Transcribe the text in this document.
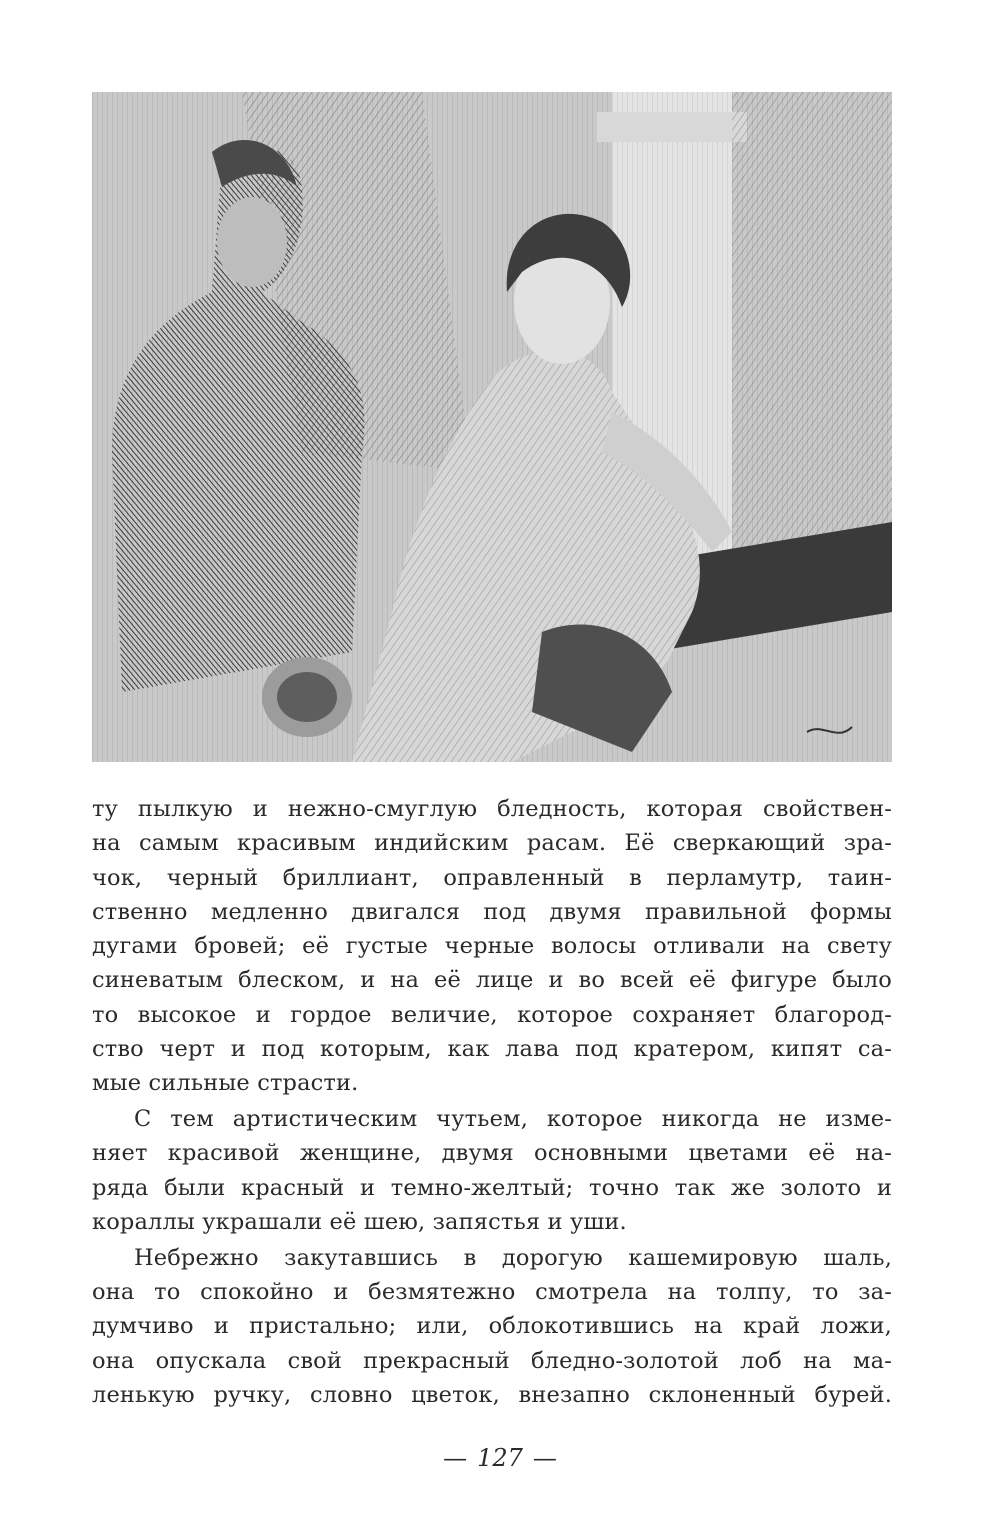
ту пылкую и нежно-смуглую бледность, которая свойствен-
на самым красивым индийским расам. Её сверкающий зра-
чок, черный бриллиант, оправленный в перламутр, таин-
ственно медленно двигался под двумя правильной формы
дугами бровей; её густые черные волосы отливали на свету
синеватым блеском, и на её лице и во всей её фигуре было
то высокое и гордое величие, которое сохраняет благород-
ство черт и под которым, как лава под кратером, кипят са-
мые сильные страсти.
С тем артистическим чутьем, которое никогда не изме-
няет красивой женщине, двумя основными цветами её на-
ряда были красный и темно-желтый; точно так же золото и
кораллы украшали её шею, запястья и уши.
Небрежно закутавшись в дорогую кашемировую шаль,
она то спокойно и безмятежно смотрела на толпу, то за-
думчиво и пристально; или, облокотившись на край ложи,
она опускала свой прекрасный бледно-золотой лоб на ма-
ленькую ручку, словно цветок, внезапно склоненный бурей.
— 127 —
